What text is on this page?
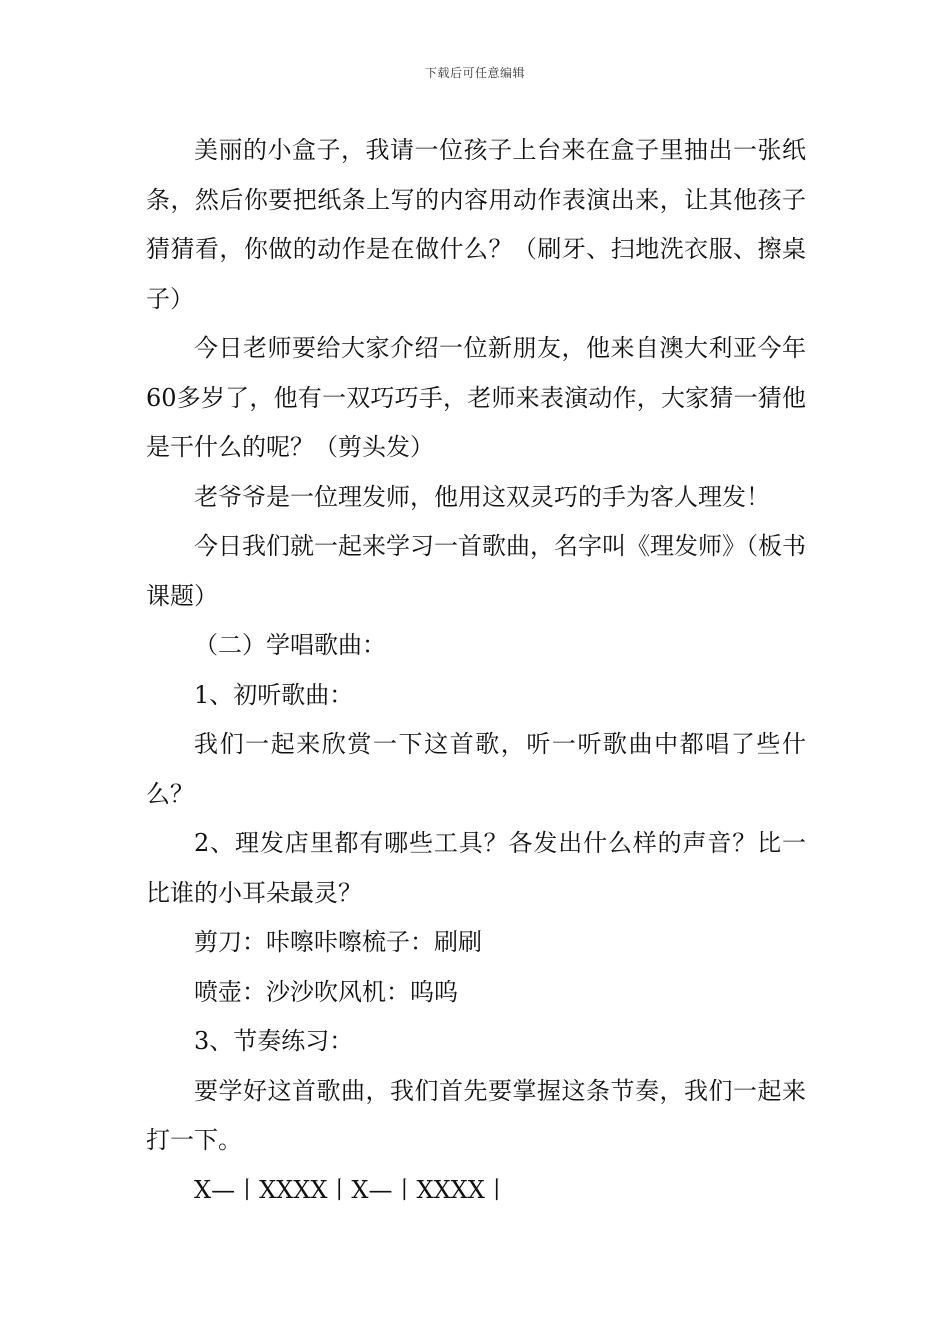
下载后可任意编辑

美丽的小盒子，我请一位孩子上台来在盒子里抽出一张纸条，然后你要把纸条上写的内容用动作表演出来，让其他孩子猜猜看，你做的动作是在做什么？（刷牙、扫地洗衣服、擦桌子）

今日老师要给大家介绍一位新朋友，他来自澳大利亚今年60多岁了，他有一双巧巧手，老师来表演动作，大家猜一猜他是干什么的呢？（剪头发）

老爷爷是一位理发师，他用这双灵巧的手为客人理发！

今日我们就一起来学习一首歌曲，名字叫《理发师》（板书课题）

（二）学唱歌曲：

1、初听歌曲：

我们一起来欣赏一下这首歌，听一听歌曲中都唱了些什么？

2、理发店里都有哪些工具？各发出什么样的声音？比一比谁的小耳朵最灵？

剪刀：咔嚓咔嚓梳子：刷刷

喷壶：沙沙吹风机：呜呜

3、节奏练习：

要学好这首歌曲，我们首先要掌握这条节奏，我们一起来打一下。

X—丨XXXX丨X—丨XXXX丨
